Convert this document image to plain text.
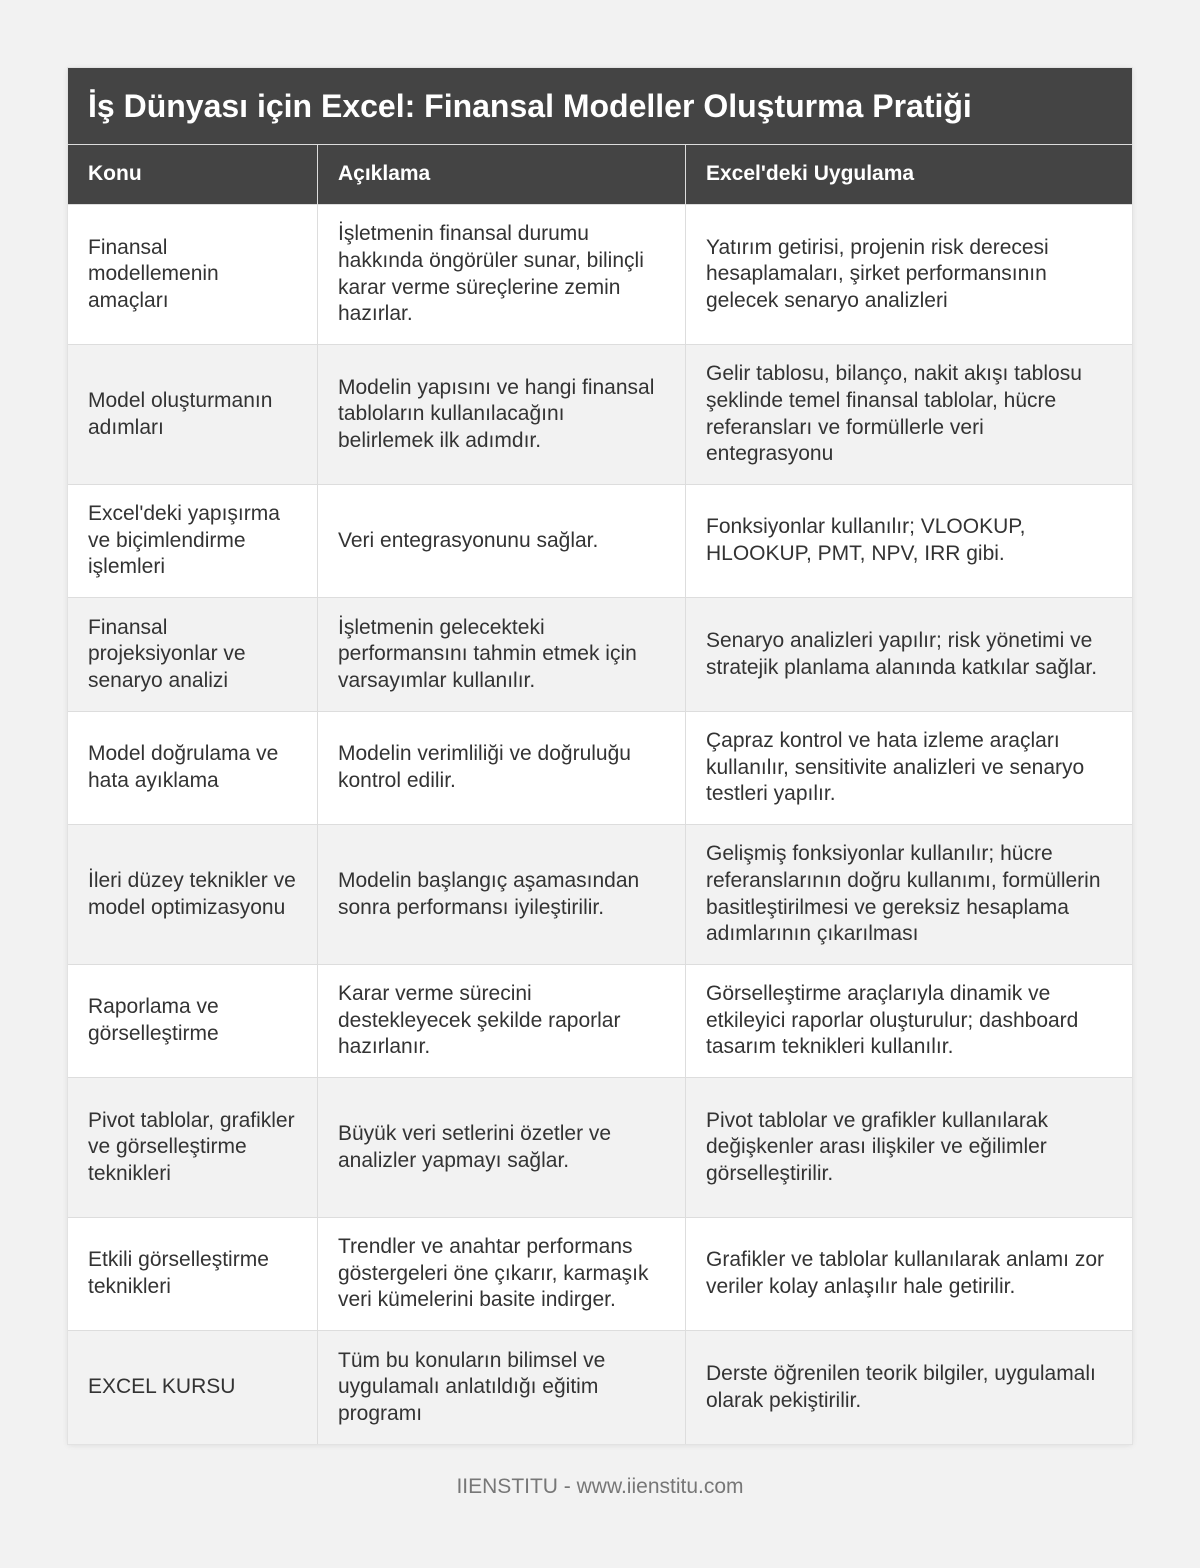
İş Dünyası için Excel: Finansal Modeller Oluşturma Pratiği
Konu	Açıklama	Excel'deki Uygulama
Finansal modellemenin amaçları
İşletmenin finansal durumu hakkında öngörüler sunar, bilinçli karar verme süreçlerine zemin hazırlar.
Yatırım getirisi, projenin risk derecesi hesaplamaları, şirket performansının gelecek senaryo analizleri
Model oluşturmanın adımları
Modelin yapısını ve hangi finansal tabloların kullanılacağını belirlemek ilk adımdır.
Gelir tablosu, bilanço, nakit akışı tablosu şeklinde temel finansal tablolar, hücre referansları ve formüllerle veri entegrasyonu
Excel'deki yapışırma ve biçimlendirme işlemleri
Veri entegrasyonunu sağlar.
Fonksiyonlar kullanılır; VLOOKUP, HLOOKUP, PMT, NPV, IRR gibi.
Finansal projeksiyonlar ve senaryo analizi
İşletmenin gelecekteki performansını tahmin etmek için varsayımlar kullanılır.
Senaryo analizleri yapılır; risk yönetimi ve stratejik planlama alanında katkılar sağlar.
Model doğrulama ve hata ayıklama
Modelin verimliliği ve doğruluğu kontrol edilir.
Çapraz kontrol ve hata izleme araçları kullanılır, sensitivite analizleri ve senaryo testleri yapılır.
İleri düzey teknikler ve model optimizasyonu
Modelin başlangıç aşamasından sonra performansı iyileştirilir.
Gelişmiş fonksiyonlar kullanılır; hücre referanslarının doğru kullanımı, formüllerin basitleştirilmesi ve gereksiz hesaplama adımlarının çıkarılması
Raporlama ve görselleştirme
Karar verme sürecini destekleyecek şekilde raporlar hazırlanır.
Görselleştirme araçlarıyla dinamik ve etkileyici raporlar oluşturulur; dashboard tasarım teknikleri kullanılır.
Pivot tablolar, grafikler ve görselleştirme teknikleri
Büyük veri setlerini özetler ve analizler yapmayı sağlar.
Pivot tablolar ve grafikler kullanılarak değişkenler arası ilişkiler ve eğilimler görselleştirilir.
Etkili görselleştirme teknikleri
Trendler ve anahtar performans göstergeleri öne çıkarır, karmaşık veri kümelerini basite indirger.
Grafikler ve tablolar kullanılarak anlamı zor veriler kolay anlaşılır hale getirilir.
EXCEL KURSU
Tüm bu konuların bilimsel ve uygulamalı anlatıldığı eğitim programı
Derste öğrenilen teorik bilgiler, uygulamalı olarak pekiştirilir.
IIENSTITU - www.iienstitu.com
